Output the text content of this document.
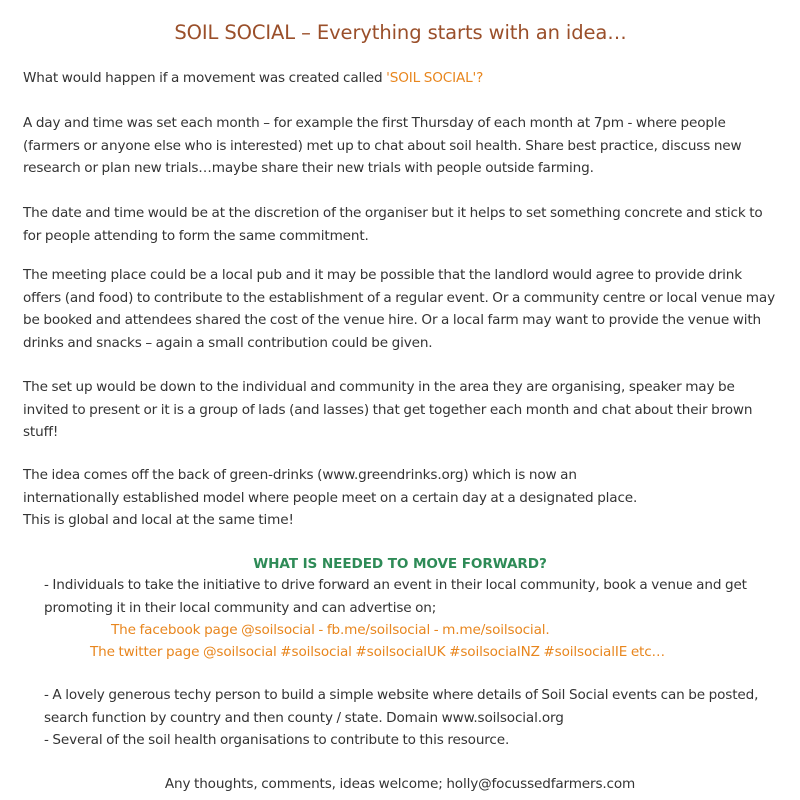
SOIL SOCIAL – Everything starts with an idea…

What would happen if a movement was created called 'SOIL SOCIAL'?

A day and time was set each month – for example the first Thursday of each month at 7pm - where people (farmers or anyone else who is interested) met up to chat about soil health. Share best practice, discuss new research or plan new trials…maybe share their new trials with people outside farming.

The date and time would be at the discretion of the organiser but it helps to set something concrete and stick to for people attending to form the same commitment.

The meeting place could be a local pub and it may be possible that the landlord would agree to provide drink offers (and food) to contribute to the establishment of a regular event. Or a community centre or local venue may be booked and attendees shared the cost of the venue hire. Or a local farm may want to provide the venue with drinks and snacks – again a small contribution could be given.

The set up would be down to the individual and community in the area they are organising, speaker may be invited to present or it is a group of lads (and lasses) that get together each month and chat about their brown stuff!

The idea comes off the back of green-drinks (www.greendrinks.org) which is now an internationally established model where people meet on a certain day at a designated place. This is global and local at the same time!

WHAT IS NEEDED TO MOVE FORWARD?

- Individuals to take the initiative to drive forward an event in their local community, book a venue and get promoting it in their local community and can advertise on;

The facebook page @soilsocial - fb.me/soilsocial - m.me/soilsocial.
The twitter page @soilsocial #soilsocial #soilsocialUK #soilsocialNZ #soilsocialIE etc…

- A lovely generous techy person to build a simple website where details of Soil Social events can be posted, search function by country and then county / state. Domain www.soilsocial.org

- Several of the soil health organisations to contribute to this resource.

Any thoughts, comments, ideas welcome; holly@focussedfarmers.com
